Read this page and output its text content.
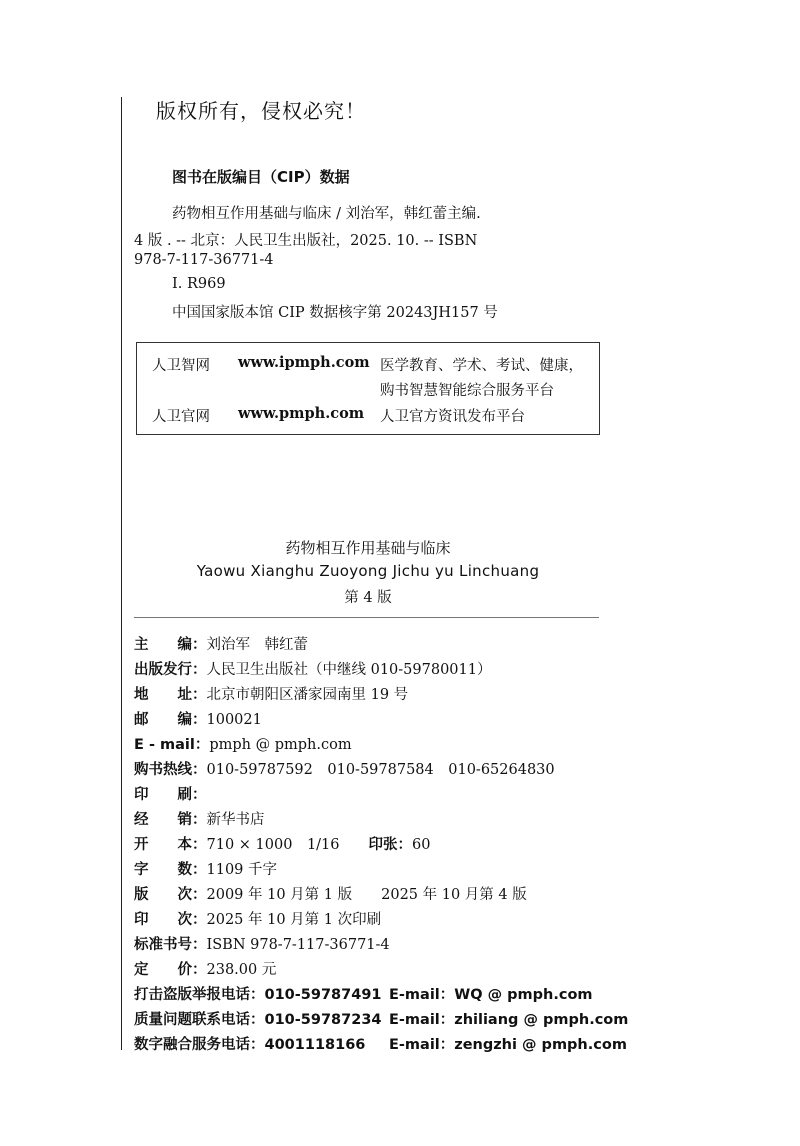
版权所有，侵权必究！
图书在版编目（CIP）数据
药物相互作用基础与临床 / 刘治军，韩红蕾主编.
4 版 . -- 北京：人民卫生出版社，2025. 10. -- ISBN
978-7-117-36771-4
Ⅰ. R969
中国国家版本馆 CIP 数据核字第 20243JH157 号
人卫智网 www.ipmph.com 医学教育、学术、考试、健康，
购书智慧智能综合服务平台
人卫官网 www.pmph.com 人卫官方资讯发布平台
药物相互作用基础与临床
Yaowu Xianghu Zuoyong Jichu yu Linchuang
第 4 版
主　　编：刘治军　韩红蕾
出版发行：人民卫生出版社（中继线 010-59780011）
地　　址：北京市朝阳区潘家园南里 19 号
邮　　编：100021
E - mail：pmph @ pmph.com
购书热线：010-59787592　010-59787584　010-65264830
印　　刷：
经　　销：新华书店
开　　本：710 × 1000　1/16　　印张：60
字　　数：1109 千字
版　　次：2009 年 10 月第 1 版　　2025 年 10 月第 4 版
印　　次：2025 年 10 月第 1 次印刷
标准书号：ISBN 978-7-117-36771-4
定　　价：238.00 元
打击盗版举报电话：010-59787491 E-mail：WQ @ pmph.com
质量问题联系电话：010-59787234 E-mail：zhiliang @ pmph.com
数字融合服务电话：4001118166 E-mail：zengzhi @ pmph.com
